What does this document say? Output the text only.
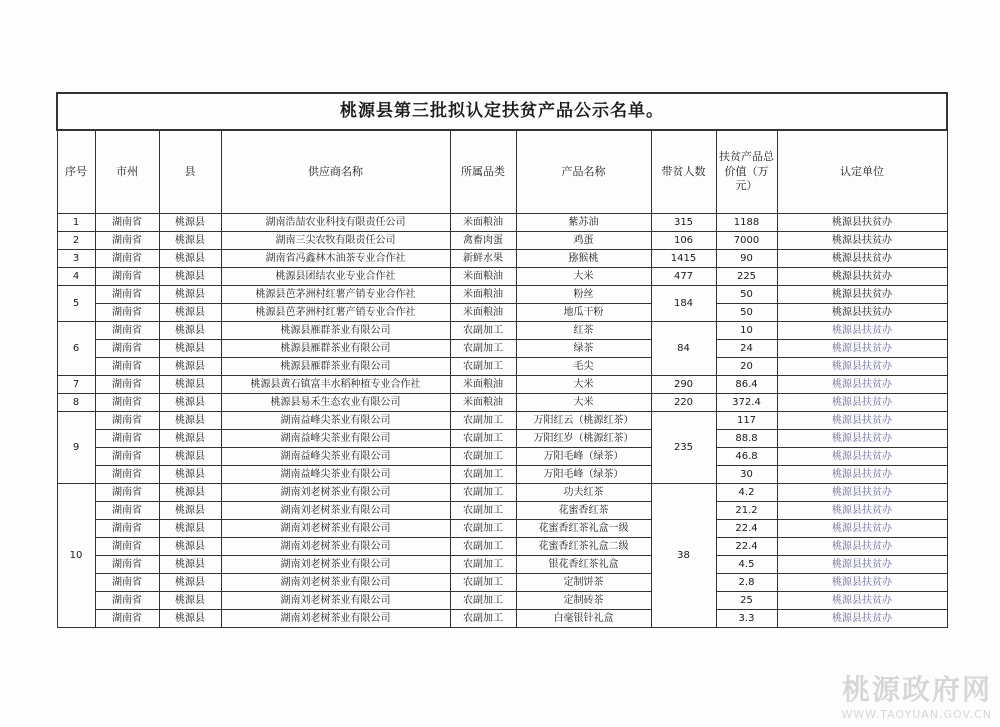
桃源县第三批拟认定扶贫产品公示名单。								
序号	市州	县	供应商名称	所属品类	产品名称	带贫人数	扶贫产品总价值（万元）	认定单位
1	湖南省	桃源县	湖南浩喆农业科技有限责任公司	米面粮油	紫苏油	315	1188	桃源县扶贫办
2	湖南省	桃源县	湖南三尖农牧有限责任公司	禽畜肉蛋	鸡蛋	106	7000	桃源县扶贫办
3	湖南省	桃源县	湖南省冯鑫林木油茶专业合作社	新鲜水果	猕猴桃	1415	90	桃源县扶贫办
4	湖南省	桃源县	桃源县团结农业专业合作社	米面粮油	大米	477	225	桃源县扶贫办
5	湖南省	桃源县	桃源县芭茅洲村红薯产销专业合作社	米面粮油	粉丝	184	50	桃源县扶贫办
	湖南省	桃源县	桃源县芭茅洲村红薯产销专业合作社	米面粮油	地瓜干粉		50	桃源县扶贫办
6	湖南省	桃源县	桃源县雁群茶业有限公司	农副加工	红茶	84	10	桃源县扶贫办
	湖南省	桃源县	桃源县雁群茶业有限公司	农副加工	绿茶		24	桃源县扶贫办
	湖南省	桃源县	桃源县雁群茶业有限公司	农副加工	毛尖		20	桃源县扶贫办
7	湖南省	桃源县	桃源县黄石镇富丰水稻种植专业合作社	米面粮油	大米	290	86.4	桃源县扶贫办
8	湖南省	桃源县	桃源县易禾生态农业有限公司	米面粮油	大米	220	372.4	桃源县扶贫办
9	湖南省	桃源县	湖南益峰尖茶业有限公司	农副加工	万阳红云（桃源红茶）	235	117	桃源县扶贫办
	湖南省	桃源县	湖南益峰尖茶业有限公司	农副加工	万阳红岁（桃源红茶）		88.8	桃源县扶贫办
	湖南省	桃源县	湖南益峰尖茶业有限公司	农副加工	万阳毛峰（绿茶）		46.8	桃源县扶贫办
	湖南省	桃源县	湖南益峰尖茶业有限公司	农副加工	万阳毛峰（绿茶）		30	桃源县扶贫办
10	湖南省	桃源县	湖南刘老树茶业有限公司	农副加工	功夫红茶	38	4.2	桃源县扶贫办
	湖南省	桃源县	湖南刘老树茶业有限公司	农副加工	花蜜香红茶		21.2	桃源县扶贫办
	湖南省	桃源县	湖南刘老树茶业有限公司	农副加工	花蜜香红茶礼盒一级		22.4	桃源县扶贫办
	湖南省	桃源县	湖南刘老树茶业有限公司	农副加工	花蜜香红茶礼盒二级		22.4	桃源县扶贫办
	湖南省	桃源县	湖南刘老树茶业有限公司	农副加工	银花香红茶礼盒		4.5	桃源县扶贫办
	湖南省	桃源县	湖南刘老树茶业有限公司	农副加工	定制饼茶		2.8	桃源县扶贫办
	湖南省	桃源县	湖南刘老树茶业有限公司	农副加工	定制砖茶		25	桃源县扶贫办
	湖南省	桃源县	湖南刘老树茶业有限公司	农副加工	白毫银针礼盒		3.3	桃源县扶贫办
桃源政府网
WWW.TAOYUAN.GOV.CN
